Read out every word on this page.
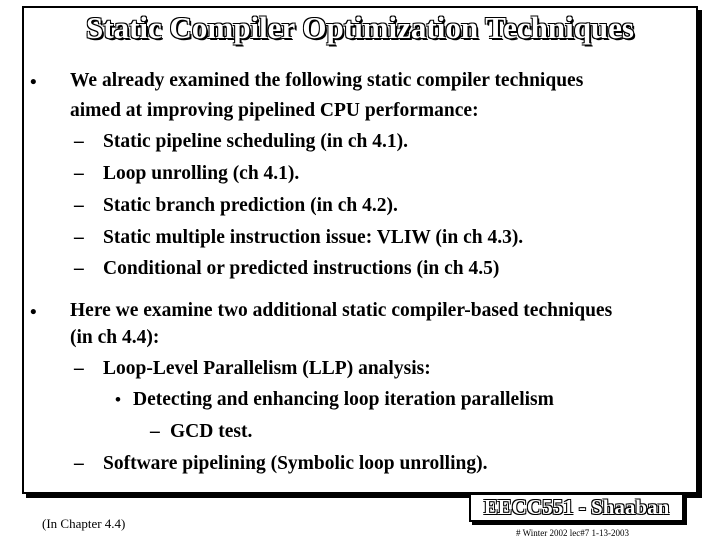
Static Compiler Optimization Techniques
• We already examined the following static compiler techniques
aimed at improving pipelined CPU performance:
– Static pipeline scheduling (in ch 4.1).
– Loop unrolling (ch 4.1).
– Static branch prediction (in ch 4.2).
– Static multiple instruction issue: VLIW (in ch 4.3).
– Conditional or predicted instructions (in ch 4.5)
• Here we examine two additional static compiler-based techniques
(in ch 4.4):
– Loop-Level Parallelism (LLP) analysis:
• Detecting and enhancing loop iteration parallelism
– GCD test.
– Software pipelining (Symbolic loop unrolling).
(In Chapter 4.4)
EECC551 - Shaaban
# Winter 2002 lec#7 1-13-2003
